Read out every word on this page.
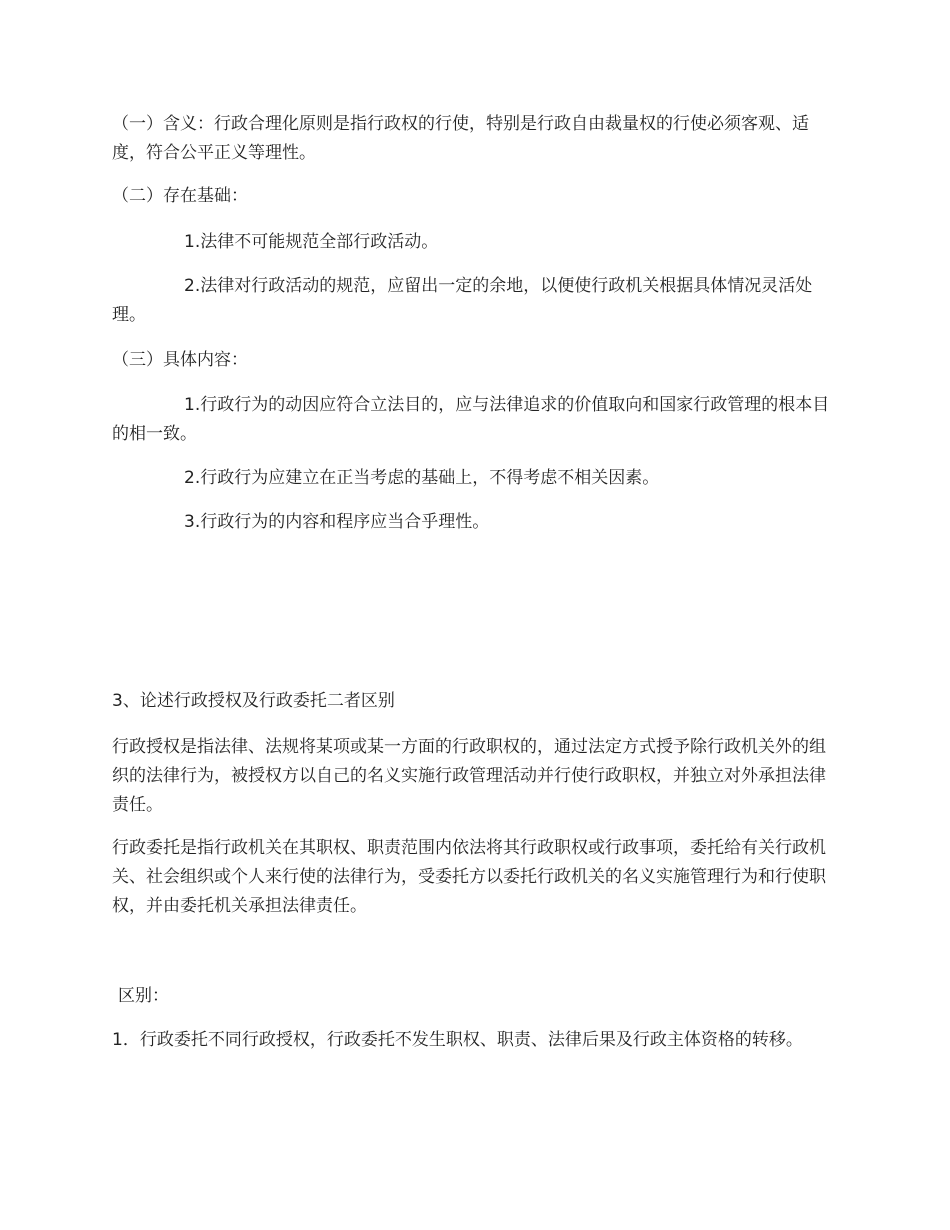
（一）含义：行政合理化原则是指行政权的行使，特别是行政自由裁量权的行使必须客观、适度，符合公平正义等理性。

（二）存在基础：

1.法律不可能规范全部行政活动。

2.法律对行政活动的规范，应留出一定的余地，以便使行政机关根据具体情况灵活处理。

（三）具体内容：

1.行政行为的动因应符合立法目的，应与法律追求的价值取向和国家行政管理的根本目的相一致。

2.行政行为应建立在正当考虑的基础上，不得考虑不相关因素。

3.行政行为的内容和程序应当合乎理性。

3、论述行政授权及行政委托二者区别

行政授权是指法律、法规将某项或某一方面的行政职权的，通过法定方式授予除行政机关外的组织的法律行为，被授权方以自己的名义实施行政管理活动并行使行政职权，并独立对外承担法律责任。

行政委托是指行政机关在其职权、职责范围内依法将其行政职权或行政事项，委托给有关行政机关、社会组织或个人来行使的法律行为，受委托方以委托行政机关的名义实施管理行为和行使职权，并由委托机关承担法律责任。

区别：

1．行政委托不同行政授权，行政委托不发生职权、职责、法律后果及行政主体资格的转移。
